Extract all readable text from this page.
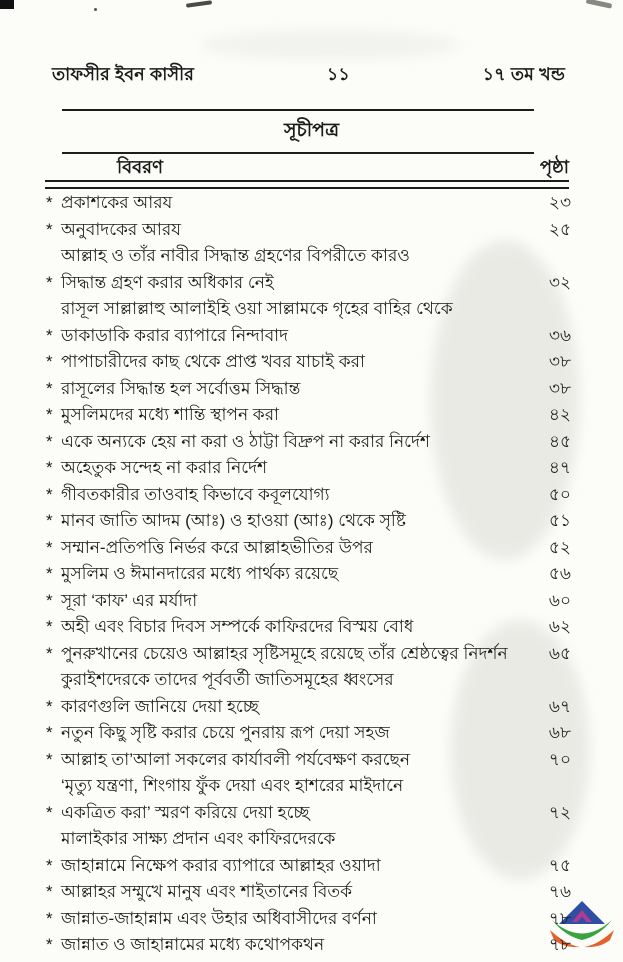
তাফসীর ইবন কাসীর	১১	১৭ তম খন্ড
সূচীপত্র
বিবরণ	পৃষ্ঠা
* প্রকাশকের আরয	২৩
* অনুবাদকের আরয	২৫
*
আল্লাহ ও তাঁর নাবীর সিদ্ধান্ত গ্রহণের বিপরীতে কারও
সিদ্ধান্ত গ্রহণ করার অধিকার নেই	৩২
*
রাসূল সাল্লাল্লাহু আলাইহি ওয়া সাল্লামকে গৃহের বাহির থেকে
ডাকাডাকি করার ব্যাপারে নিন্দাবাদ	৩৬
* পাপাচারীদের কাছ থেকে প্রাপ্ত খবর যাচাই করা	৩৮
* রাসূলের সিদ্ধান্ত হল সর্বোত্তম সিদ্ধান্ত	৩৮
* মুসলিমদের মধ্যে শান্তি স্থাপন করা	৪২
* একে অন্যকে হেয় না করা ও ঠাট্টা বিদ্রুপ না করার নির্দেশ	৪৫
* অহেতুক সন্দেহ না করার নির্দেশ	৪৭
* গীবতকারীর তাওবাহ কিভাবে কবূলযোগ্য	৫০
* মানব জাতি আদম (আঃ) ও হাওয়া (আঃ) থেকে সৃষ্টি	৫১
* সম্মান-প্রতিপত্তি নির্ভর করে আল্লাহভীতির উপর	৫২
* মুসলিম ও ঈমানদারের মধ্যে পার্থক্য রয়েছে	৫৬
* সূরা ‘কাফ’ এর মর্যাদা	৬০
* অহী এবং বিচার দিবস সম্পর্কে কাফিরদের বিস্ময় বোধ	৬২
* পুনরুখানের চেয়েও আল্লাহর সৃষ্টিসমূহে রয়েছে তাঁর শ্রেষ্ঠত্বের নিদর্শন	৬৫
*
কুরাইশদেরকে তাদের পূর্ববর্তী জাতিসমূহের ধ্বংসের
কারণগুলি জানিয়ে দেয়া হচ্ছে	৬৭
* নতুন কিছু সৃষ্টি করার চেয়ে পুনরায় রূপ দেয়া সহজ	৬৮
* আল্লাহ তা’আলা সকলের কার্যাবলী পর্যবেক্ষণ করছেন	৭০
*
‘মৃত্যু যন্ত্রণা, শিংগায় ফুঁক দেয়া এবং হাশরের মাইদানে
একত্রিত করা’ স্মরণ করিয়ে দেয়া হচ্ছে	৭২
*
মালাইকার সাক্ষ্য প্রদান এবং কাফিরদেরকে
জাহান্নামে নিক্ষেপ করার ব্যাপারে আল্লাহর ওয়াদা	৭৫
* আল্লাহর সম্মুখে মানুষ এবং শাইতানের বিতর্ক	৭৬
* জান্নাত-জাহান্নাম এবং উহার অধিবাসীদের বর্ণনা	৭৮
* জান্নাত ও জাহান্নামের মধ্যে কথোপকথন	৭৮
